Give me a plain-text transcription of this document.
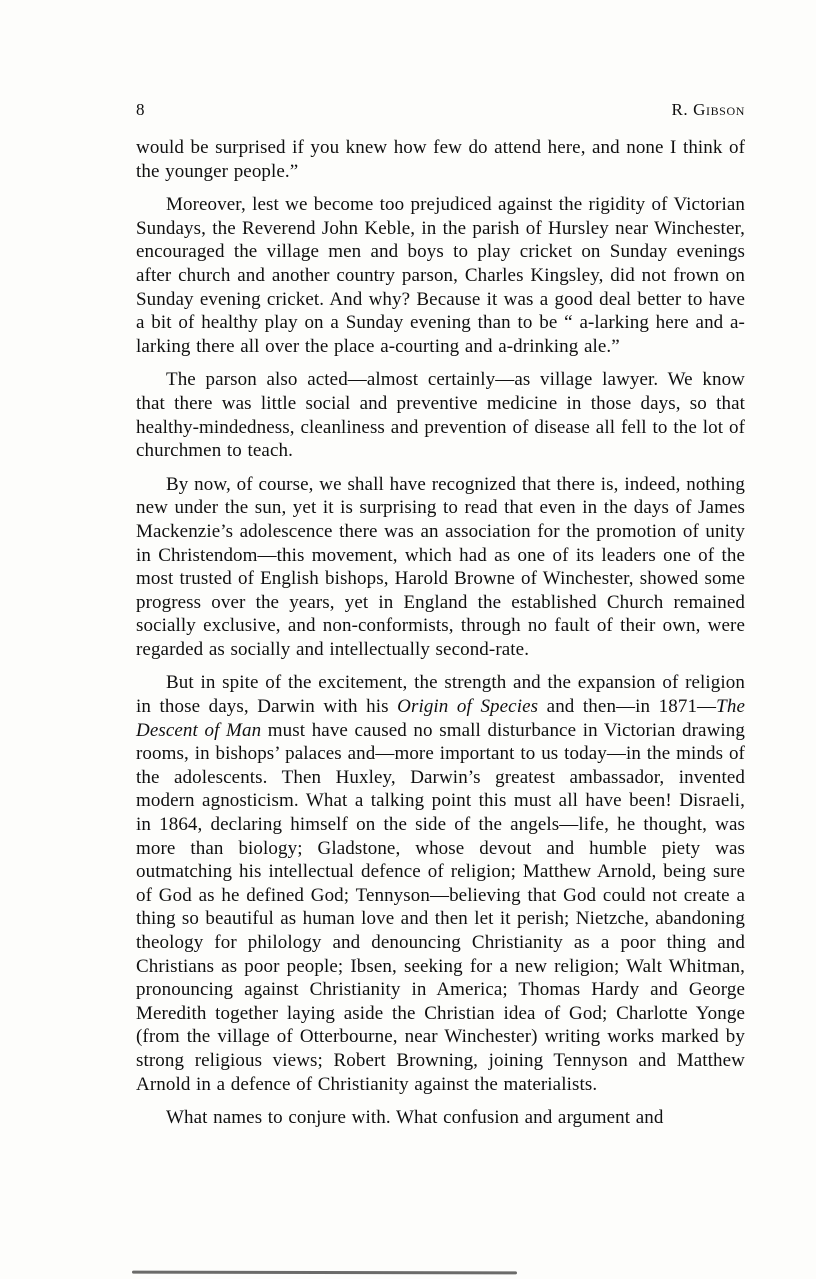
8	R. Gibson

would be surprised if you knew how few do attend here, and none I think of the younger people.”

Moreover, lest we become too prejudiced against the rigidity of Victorian Sundays, the Reverend John Keble, in the parish of Hursley near Winchester, encouraged the village men and boys to play cricket on Sunday evenings after church and another country parson, Charles Kingsley, did not frown on Sunday evening cricket. And why? Because it was a good deal better to have a bit of healthy play on a Sunday evening than to be “ a-larking here and a-larking there all over the place a-courting and a-drinking ale.”

The parson also acted—almost certainly—as village lawyer. We know that there was little social and preventive medicine in those days, so that healthy-mindedness, cleanliness and prevention of disease all fell to the lot of churchmen to teach.

By now, of course, we shall have recognized that there is, indeed, nothing new under the sun, yet it is surprising to read that even in the days of James Mackenzie’s adolescence there was an association for the promotion of unity in Christendom—this movement, which had as one of its leaders one of the most trusted of English bishops, Harold Browne of Winchester, showed some progress over the years, yet in England the established Church remained socially exclusive, and non-conformists, through no fault of their own, were regarded as socially and intellectually second-rate.

But in spite of the excitement, the strength and the expansion of religion in those days, Darwin with his Origin of Species and then—in 1871—The Descent of Man must have caused no small disturbance in Victorian drawing rooms, in bishops’ palaces and—more important to us today—in the minds of the adolescents. Then Huxley, Darwin’s greatest ambassador, invented modern agnosticism. What a talking point this must all have been! Disraeli, in 1864, declaring himself on the side of the angels—life, he thought, was more than biology; Gladstone, whose devout and humble piety was outmatching his intellectual defence of religion; Matthew Arnold, being sure of God as he defined God; Tennyson—believing that God could not create a thing so beautiful as human love and then let it perish; Nietzche, abandoning theology for philology and denouncing Christianity as a poor thing and Christians as poor people; Ibsen, seeking for a new religion; Walt Whitman, pronouncing against Christianity in America; Thomas Hardy and George Meredith together laying aside the Christian idea of God; Charlotte Yonge (from the village of Otterbourne, near Winchester) writing works marked by strong religious views; Robert Browning, joining Tennyson and Matthew Arnold in a defence of Christianity against the materialists.

What names to conjure with. What confusion and argument and
